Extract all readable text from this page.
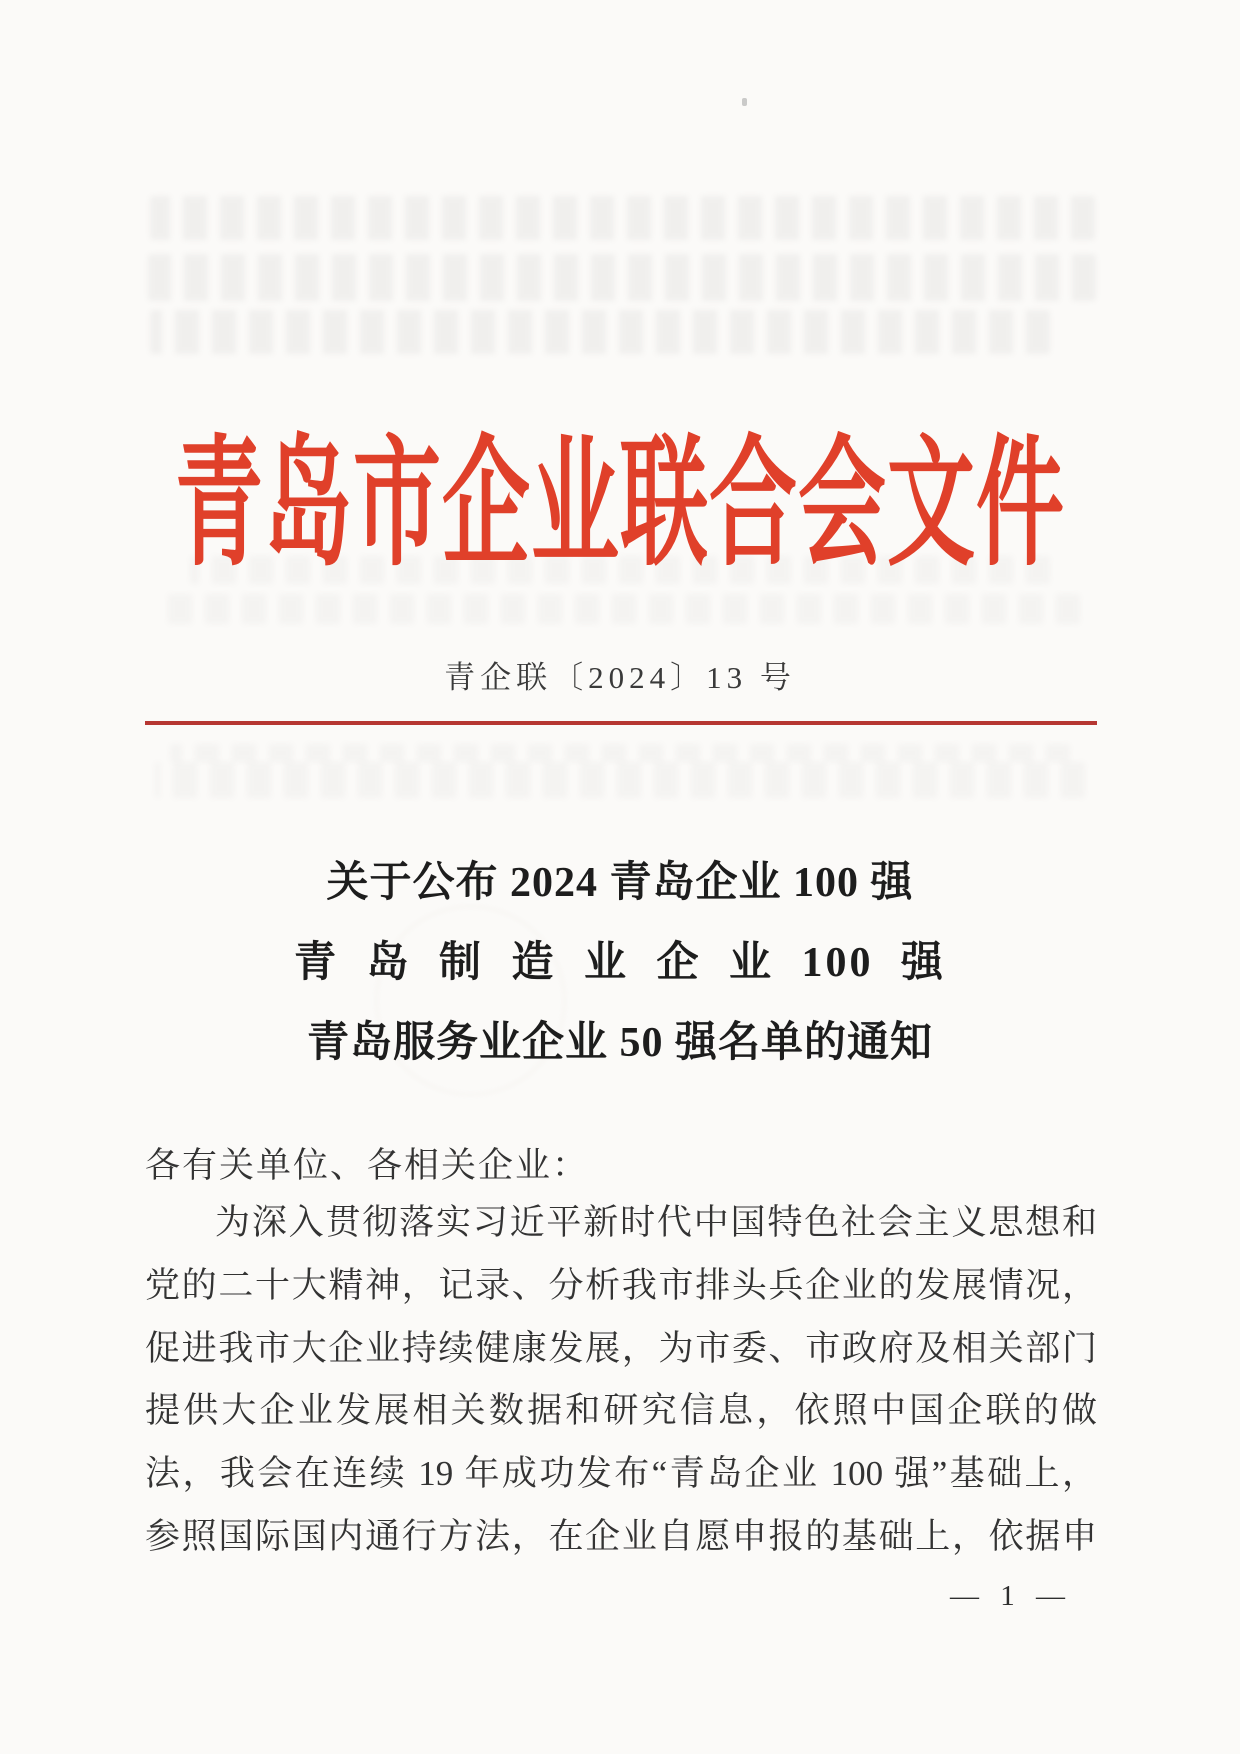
青岛市企业联合会文件
青企联〔2024〕13 号
关于公布 2024 青岛企业 100 强
青 岛 制 造 业 企 业 100 强
青岛服务业企业 50 强名单的通知
各有关单位、各相关企业：
为深入贯彻落实习近平新时代中国特色社会主义思想和
党的二十大精神，记录、分析我市排头兵企业的发展情况，
促进我市大企业持续健康发展，为市委、市政府及相关部门
提供大企业发展相关数据和研究信息，依照中国企联的做
法，我会在连续 19 年成功发布“青岛企业 100 强”基础上，
参照国际国内通行方法，在企业自愿申报的基础上，依据申
— 1 —
